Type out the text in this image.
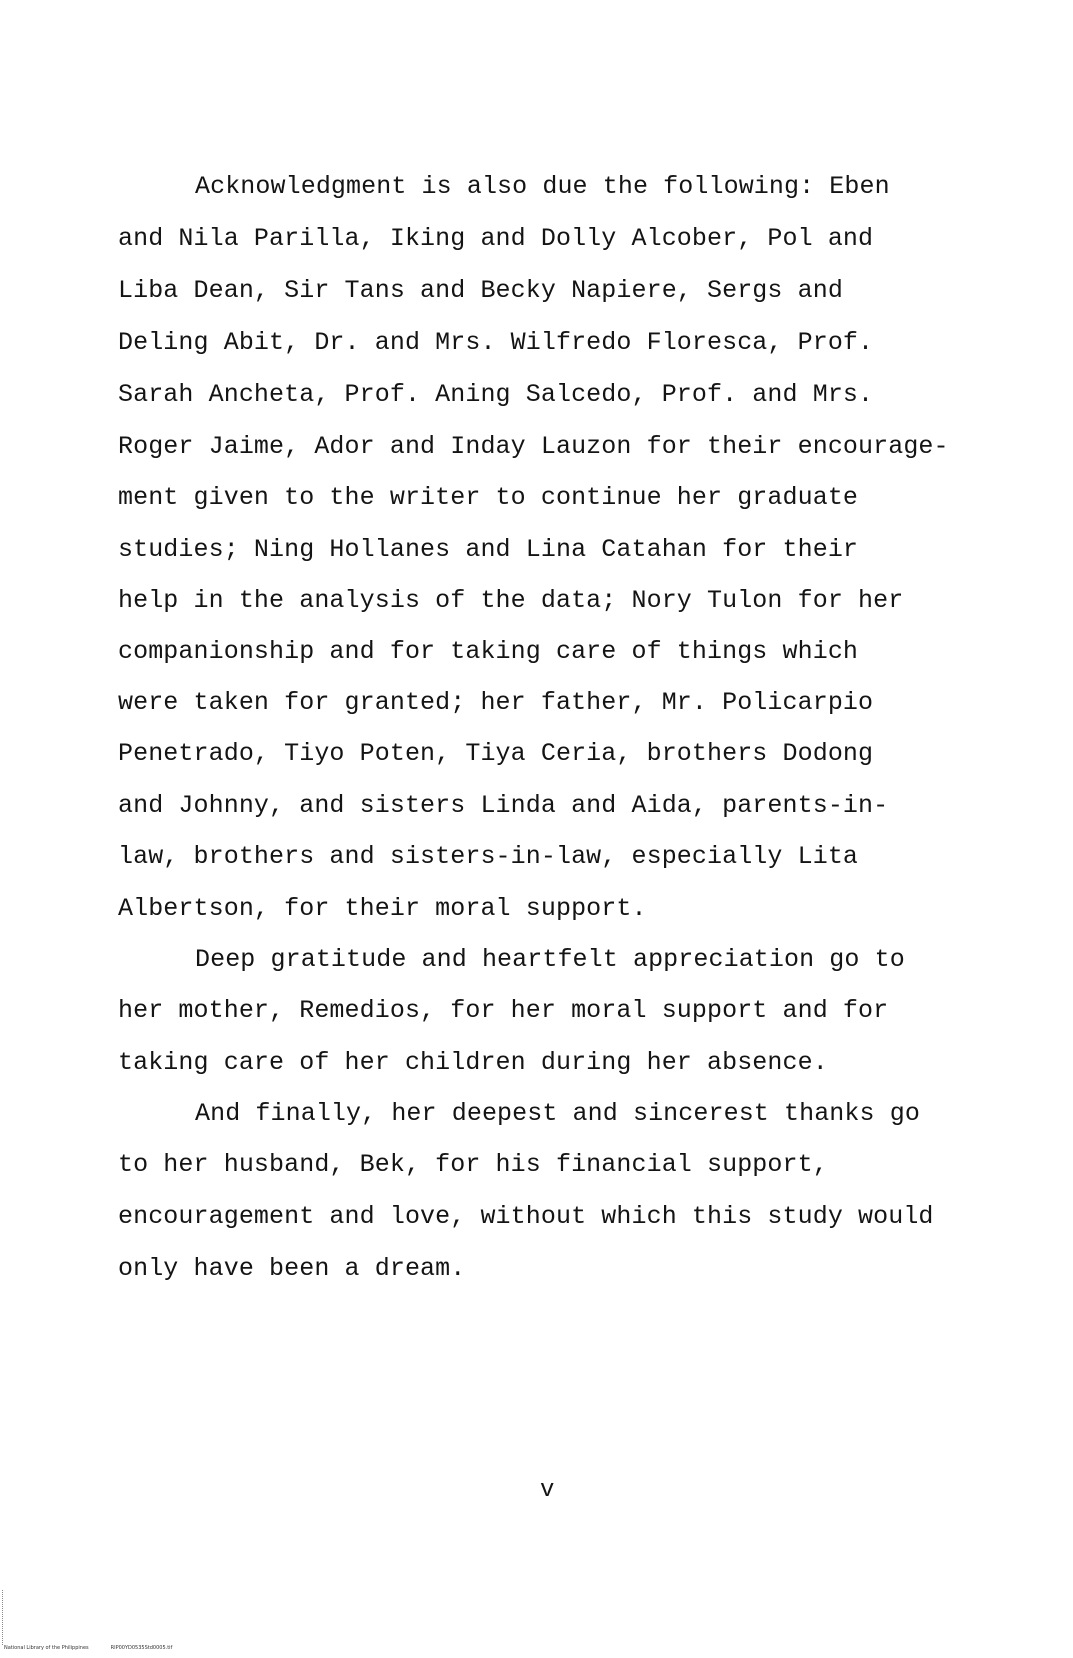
Acknowledgment is also due the following: Eben
and Nila Parilla, Iking and Dolly Alcober, Pol and
Liba Dean, Sir Tans and Becky Napiere, Sergs and
Deling Abit, Dr. and Mrs. Wilfredo Floresca, Prof.
Sarah Ancheta, Prof. Aning Salcedo, Prof. and Mrs.
Roger Jaime, Ador and Inday Lauzon for their encourage-
ment given to the writer to continue her graduate
studies; Ning Hollanes and Lina Catahan for their
help in the analysis of the data; Nory Tulon for her
companionship and for taking care of things which
were taken for granted; her father, Mr. Policarpio
Penetrado, Tiyo Poten, Tiya Ceria, brothers Dodong
and Johnny, and sisters Linda and Aida, parents-in-
law, brothers and sisters-in-law, especially Lita
Albertson, for their moral support.
Deep gratitude and heartfelt appreciation go to
her mother, Remedios, for her moral support and for
taking care of her children during her absence.
And finally, her deepest and sincerest thanks go
to her husband, Bek, for his financial support,
encouragement and love, without which this study would
only have been a dream.
v
National Library of the Philippines	RIP00YD0535Std0005.tif
